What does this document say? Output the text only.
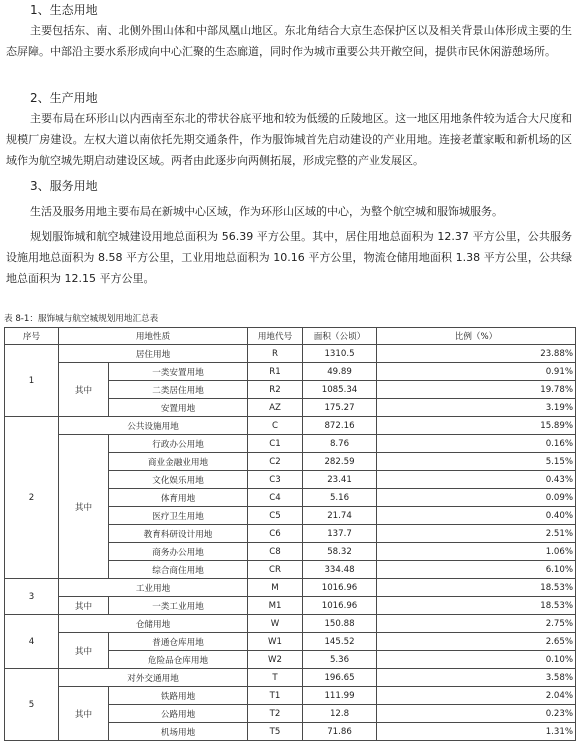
1、生态用地

主要包括东、南、北侧外围山体和中部凤凰山地区。东北角结合大京生态保护区以及相关背景山体形成主要的生态屏障。中部沿主要水系形成向中心汇聚的生态廊道，同时作为城市重要公共开敞空间，提供市民休闲游憩场所。

2、生产用地

主要布局在环形山以内西南至东北的带状谷底平地和较为低缓的丘陵地区。这一地区用地条件较为适合大尺度和规模厂房建设。左权大道以南依托先期交通条件，作为服饰城首先启动建设的产业用地。连接老董家畈和新机场的区域作为航空城先期启动建设区域。两者由此逐步向两侧拓展，形成完整的产业发展区。

3、服务用地

生活及服务用地主要布局在新城中心区域，作为环形山区域的中心，为整个航空城和服饰城服务。

规划服饰城和航空城建设用地总面积为 56.39 平方公里。其中，居住用地总面积为 12.37 平方公里，公共服务设施用地总面积为 8.58 平方公里，工业用地总面积为 10.16 平方公里，物流仓储用地面积 1.38 平方公里，公共绿地总面积为 12.15 平方公里。

表 8-1：服饰城与航空城规划用地汇总表
序号	用地性质		用地代号	面积（公顷）	比例（%）
1	居住用地		R	1310.5	23.88%
	其中	一类安置用地	R1	49.89	0.91%
		二类居住用地	R2	1085.34	19.78%
		安置用地	AZ	175.27	3.19%
2	公共设施用地		C	872.16	15.89%
	其中	行政办公用地	C1	8.76	0.16%
		商业金融业用地	C2	282.59	5.15%
		文化娱乐用地	C3	23.41	0.43%
		体育用地	C4	5.16	0.09%
		医疗卫生用地	C5	21.74	0.40%
		教育科研设计用地	C6	137.7	2.51%
		商务办公用地	C8	58.32	1.06%
		综合商住用地	CR	334.48	6.10%
3	工业用地		M	1016.96	18.53%
	其中	一类工业用地	M1	1016.96	18.53%
4	仓储用地		W	150.88	2.75%
	其中	普通仓库用地	W1	145.52	2.65%
		危险品仓库用地	W2	5.36	0.10%
5	对外交通用地		T	196.65	3.58%
	其中	铁路用地	T1	111.99	2.04%
		公路用地	T2	12.8	0.23%
		机场用地	T5	71.86	1.31%
